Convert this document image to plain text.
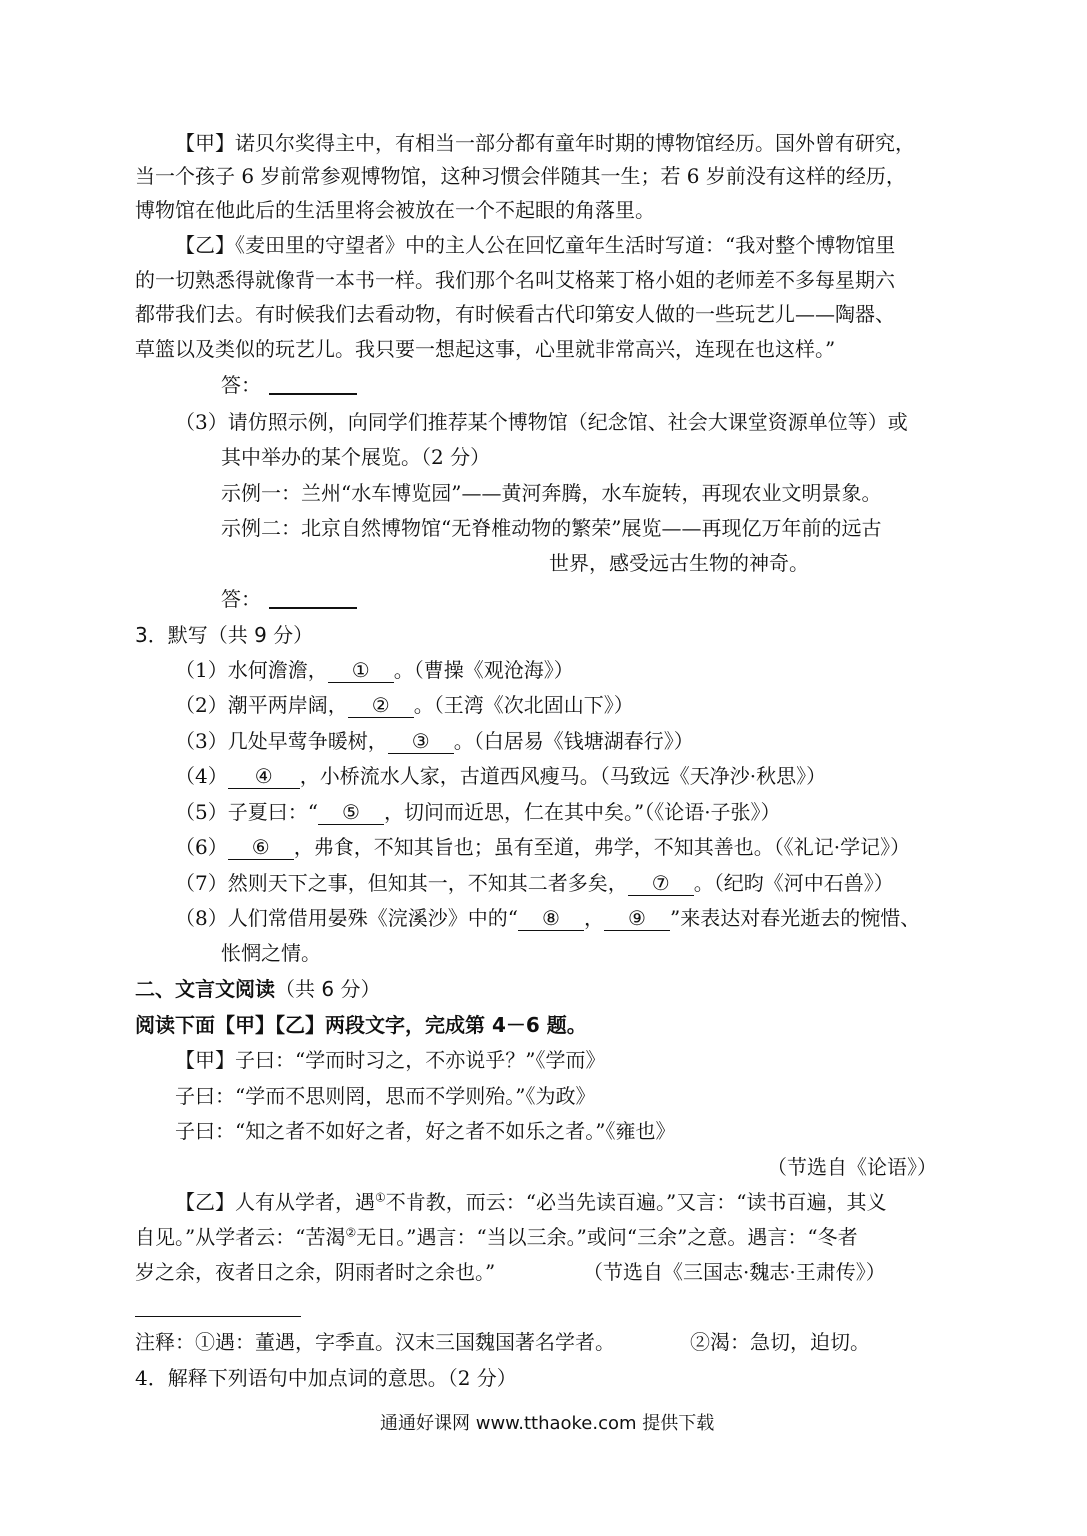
【甲】诺贝尔奖得主中，有相当一部分都有童年时期的博物馆经历。国外曾有研究，
当一个孩子 6 岁前常参观博物馆，这种习惯会伴随其一生；若 6 岁前没有这样的经历，
博物馆在他此后的生活里将会被放在一个不起眼的角落里。
【乙】《麦田里的守望者》中的主人公在回忆童年生活时写道：“我对整个博物馆里
的一切熟悉得就像背一本书一样。我们那个名叫艾格莱丁格小姐的老师差不多每星期六
都带我们去。有时候我们去看动物，有时候看古代印第安人做的一些玩艺儿——陶器、
草篮以及类似的玩艺儿。我只要一想起这事，心里就非常高兴，连现在也这样。”
答：
（3）请仿照示例，向同学们推荐某个博物馆（纪念馆、社会大课堂资源单位等）或
其中举办的某个展览。（2 分）
示例一：兰州“水车博览园”——黄河奔腾，水车旋转，再现农业文明景象。
示例二：北京自然博物馆“无脊椎动物的繁荣”展览——再现亿万年前的远古
世界，感受远古生物的神奇。
答：
3．默写（共 9 分）
（1）水何澹澹， ① 。（曹操《观沧海》）
（2）潮平两岸阔， ② 。（王湾《次北固山下》）
（3）几处早莺争暖树， ③ 。（白居易《钱塘湖春行》）
（4） ④ ，小桥流水人家，古道西风瘦马。（马致远《天净沙·秋思》）
（5）子夏曰：“ ⑤ ，切问而近思，仁在其中矣。”（《论语·子张》）
（6） ⑥ ，弗食，不知其旨也；虽有至道，弗学，不知其善也。（《礼记·学记》）
（7）然则天下之事，但知其一，不知其二者多矣， ⑦ 。（纪昀《河中石兽》）
（8）人们常借用晏殊《浣溪沙》中的“ ⑧ ， ⑨ ”来表达对春光逝去的惋惜、
怅惘之情。
二、文言文阅读（共 6 分）
阅读下面【甲】【乙】两段文字，完成第 4－6 题。
【甲】子曰：“学而时习之，不亦说乎？”《学而》
子曰：“学而不思则罔，思而不学则殆。”《为政》
子曰：“知之者不如好之者，好之者不如乐之者。”《雍也》
（节选自《论语》）
【乙】人有从学者，遇①不肯教，而云：“必当先读百遍。”又言：“读书百遍，其义
自见。”从学者云：“苦渴②无日。”遇言：“当以三余。”或问“三余”之意。遇言：“冬者
岁之余，夜者日之余，阴雨者时之余也。”	（节选自《三国志·魏志·王肃传》）
注释：①遇：董遇，字季直。汉末三国魏国著名学者。	②渴：急切，迫切。
4．解释下列语句中加点词的意思。（2 分）
通通好课网 www.tthaoke.com 提供下载
